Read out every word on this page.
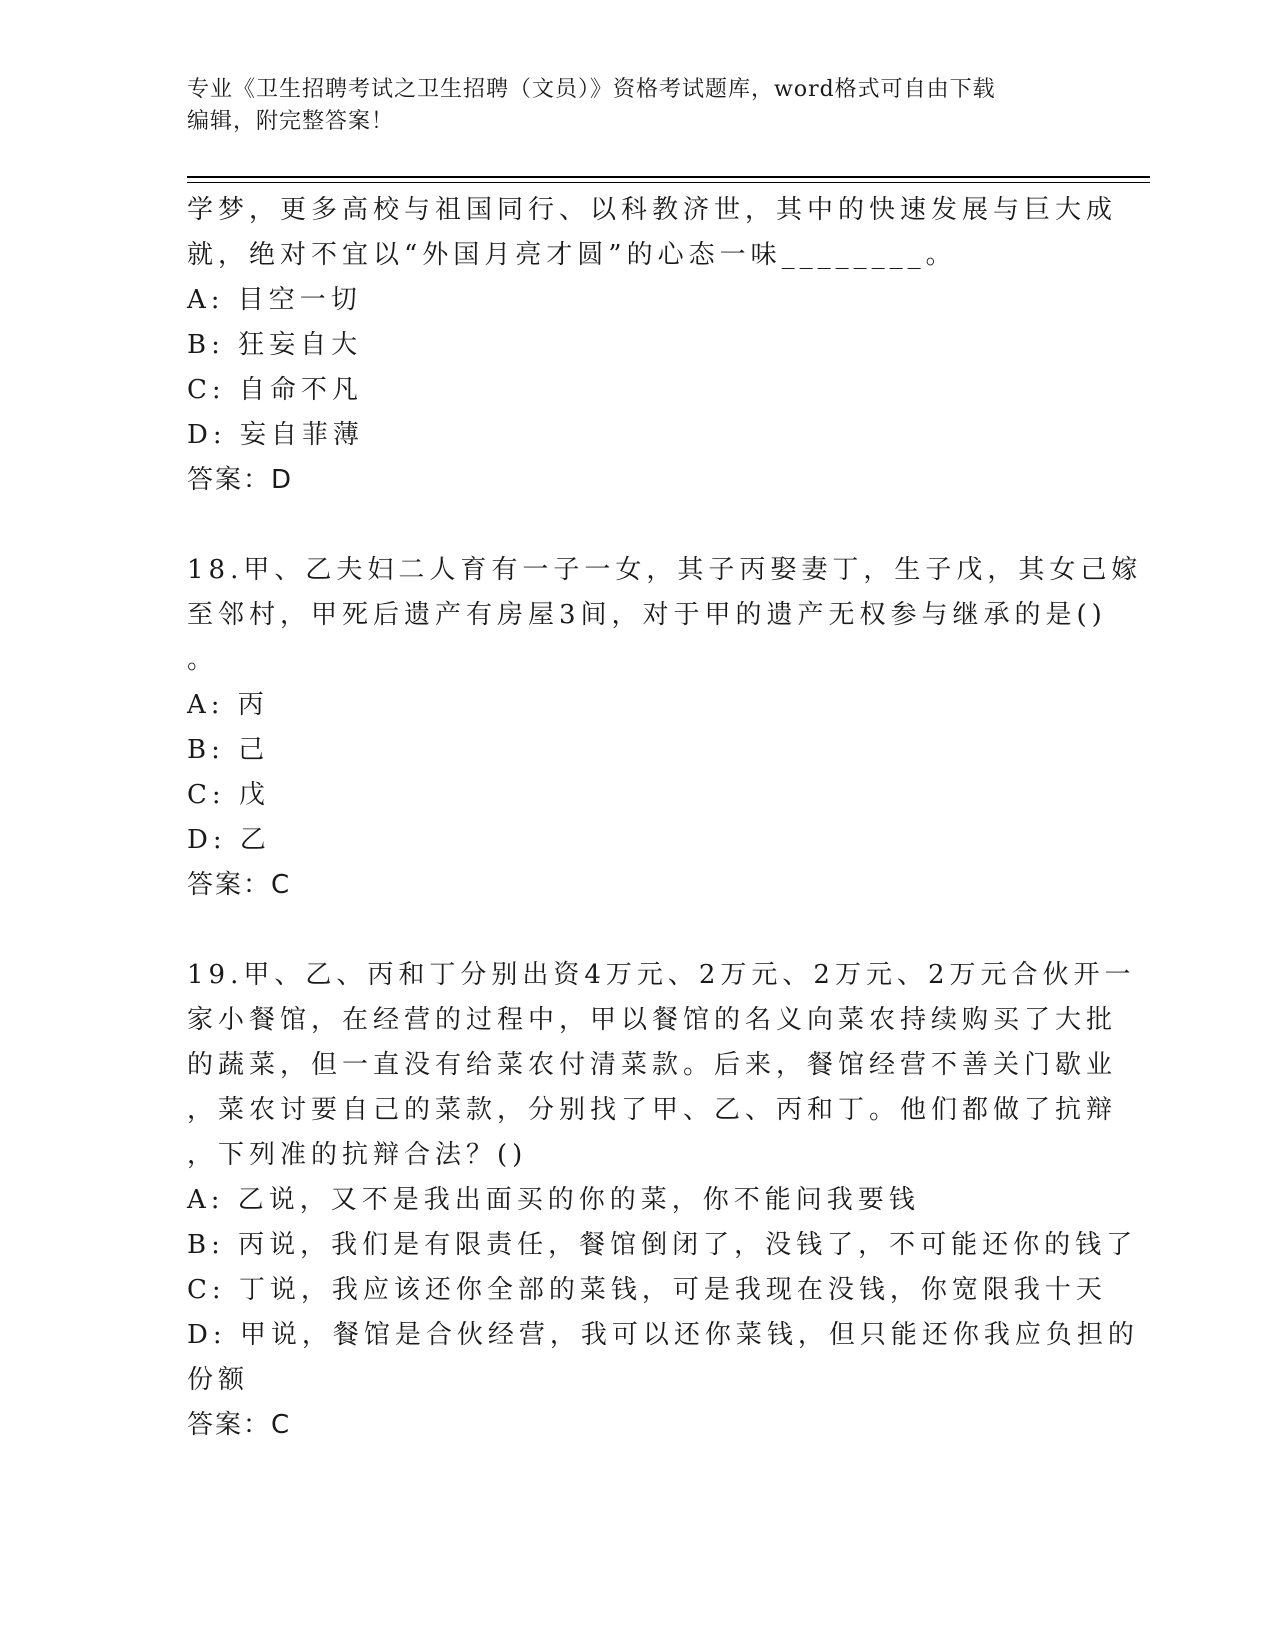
专业《卫生招聘考试之卫生招聘（文员）》资格考试题库，word格式可自由下载
编辑，附完整答案！
学梦，更多高校与祖国同行、以科教济世，其中的快速发展与巨大成
就，绝对不宜以“外国月亮才圆”的心态一味________。
A: 目空一切
B: 狂妄自大
C: 自命不凡
D: 妄自菲薄
答案：D
18.甲、乙夫妇二人育有一子一女，其子丙娶妻丁，生子戊，其女己嫁
至邻村，甲死后遗产有房屋3间，对于甲的遗产无权参与继承的是()
。
A: 丙
B: 己
C: 戊
D: 乙
答案：C
19.甲、乙、丙和丁分别出资4万元、2万元、2万元、2万元合伙开一
家小餐馆，在经营的过程中，甲以餐馆的名义向菜农持续购买了大批
的蔬菜，但一直没有给菜农付清菜款。后来，餐馆经营不善关门歇业
，菜农讨要自己的菜款，分别找了甲、乙、丙和丁。他们都做了抗辩
，下列准的抗辩合法？()
A: 乙说，又不是我出面买的你的菜，你不能问我要钱
B: 丙说，我们是有限责任，餐馆倒闭了，没钱了，不可能还你的钱了
C: 丁说，我应该还你全部的菜钱，可是我现在没钱，你宽限我十天
D: 甲说，餐馆是合伙经营，我可以还你菜钱，但只能还你我应负担的
份额
答案：C
